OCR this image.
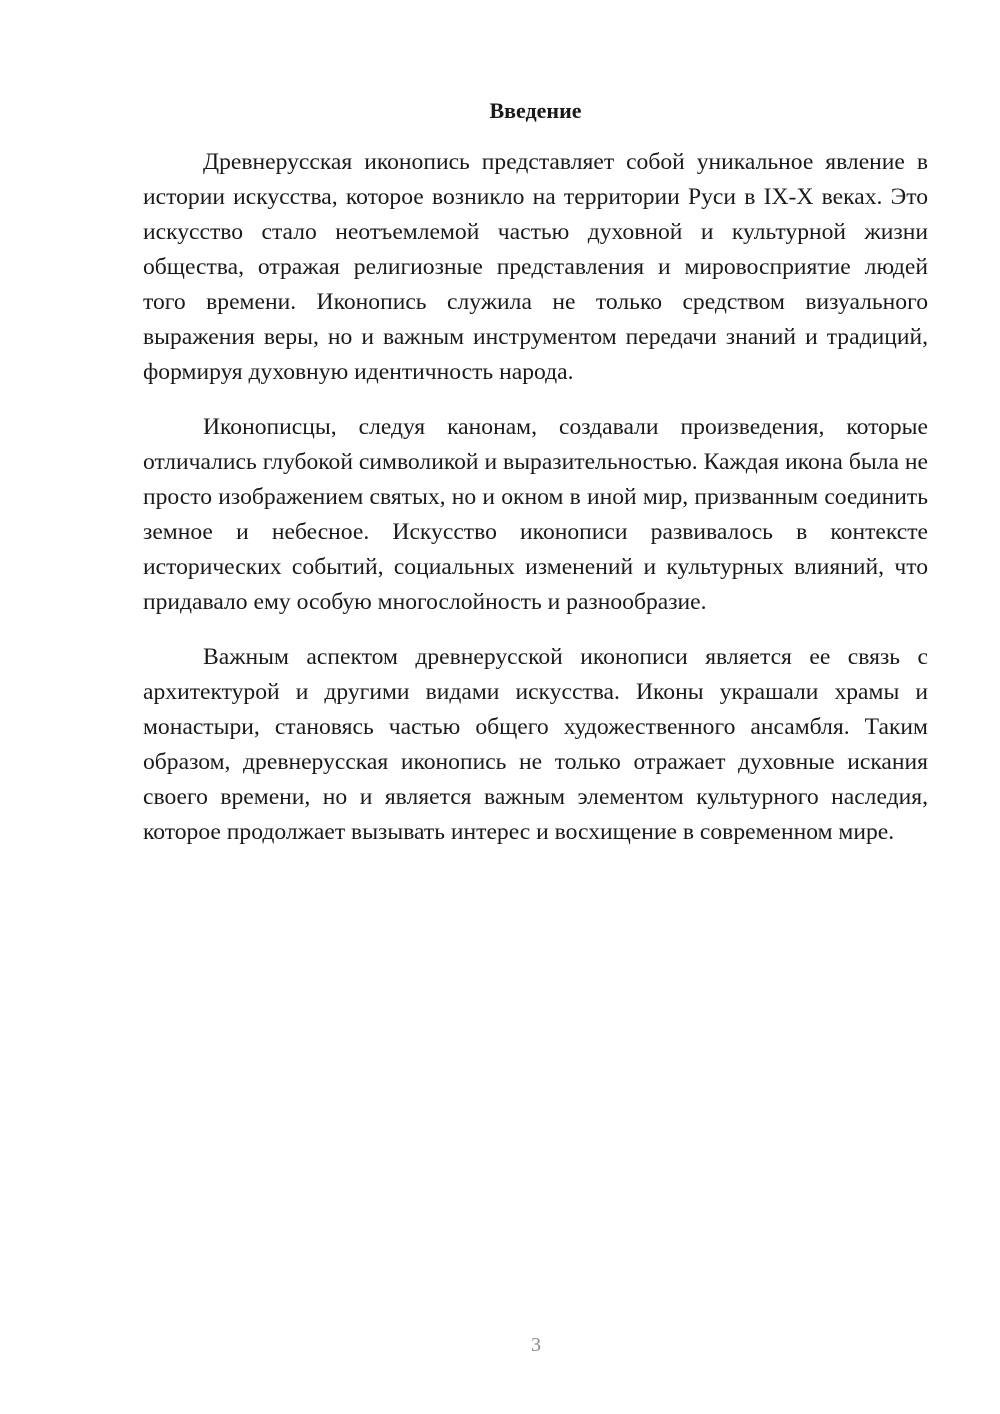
Введение

Древнерусская иконопись представляет собой уникальное явление в истории искусства, которое возникло на территории Руси в IX-X веках. Это искусство стало неотъемлемой частью духовной и культурной жизни общества, отражая религиозные представления и мировосприятие людей того времени. Иконопись служила не только средством визуального выражения веры, но и важным инструментом передачи знаний и традиций, формируя духовную идентичность народа.

Иконописцы, следуя канонам, создавали произведения, которые отличались глубокой символикой и выразительностью. Каждая икона была не просто изображением святых, но и окном в иной мир, призванным соединить земное и небесное. Искусство иконописи развивалось в контексте исторических событий, социальных изменений и культурных влияний, что придавало ему особую многослойность и разнообразие.

Важным аспектом древнерусской иконописи является ее связь с архитектурой и другими видами искусства. Иконы украшали храмы и монастыри, становясь частью общего художественного ансамбля. Таким образом, древнерусская иконопись не только отражает духовные искания своего времени, но и является важным элементом культурного наследия, которое продолжает вызывать интерес и восхищение в современном мире.

3
